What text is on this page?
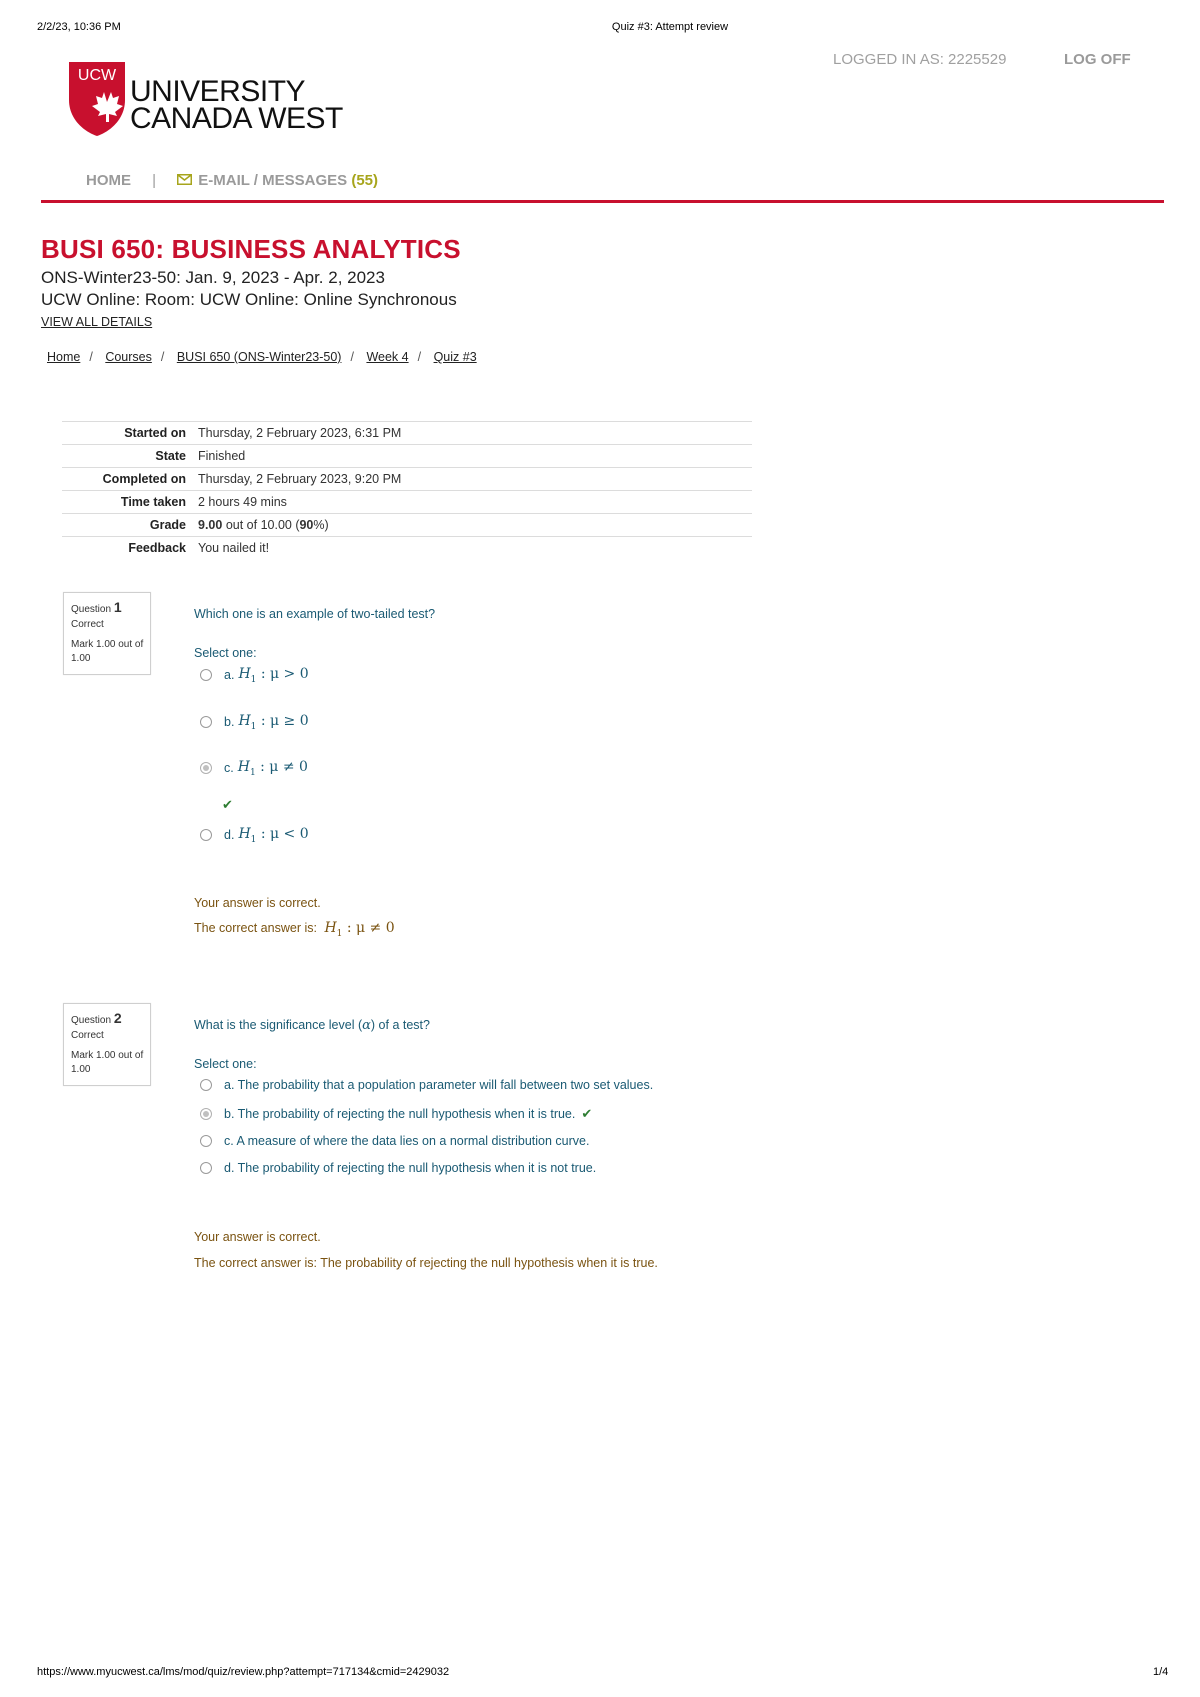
2/2/23, 10:36 PM	Quiz #3: Attempt review
https://www.myucwest.ca/lms/mod/quiz/review.php?attempt=717134&cmid=2429032	1/4
LOGGED IN AS: 2225529	LOG OFF
UCW UNIVERSITY
CANADA WEST
HOME |	E-MAIL / MESSAGES (55)
BUSI 650: BUSINESS ANALYTICS
ONS-Winter23-50: Jan. 9, 2023 - Apr. 2, 2023
UCW Online: Room: UCW Online: Online Synchronous
VIEW ALL DETAILS
Home / Courses / BUSI 650 (ONS-Winter23-50) / Week 4 / Quiz #3
Started on	Thursday, 2 February 2023, 6:31 PM
State	Finished
Completed on	Thursday, 2 February 2023, 9:20 PM
Time taken	2 hours 49 mins
Grade	9.00 out of 10.00 (90%)
Feedback	You nailed it!
Question 1
Correct
Mark 1.00 out of 1.00
Which one is an example of two-tailed test?
Select one:
a. $H_1$ : μ > 0
b. $H_1$ : μ ≥ 0
c. $H_1$ : μ ≠ 0
✔
d. $H_1$ : μ < 0
Your answer is correct.
The correct answer is: $H_1$ : μ ≠ 0
Question 2
Correct
Mark 1.00 out of 1.00
What is the significance level (α) of a test?
Select one:
a. The probability that a population parameter will fall between two set values.
b. The probability of rejecting the null hypothesis when it is true. ✔
c. A measure of where the data lies on a normal distribution curve.
d. The probability of rejecting the null hypothesis when it is not true.
Your answer is correct.
The correct answer is: The probability of rejecting the null hypothesis when it is true.
